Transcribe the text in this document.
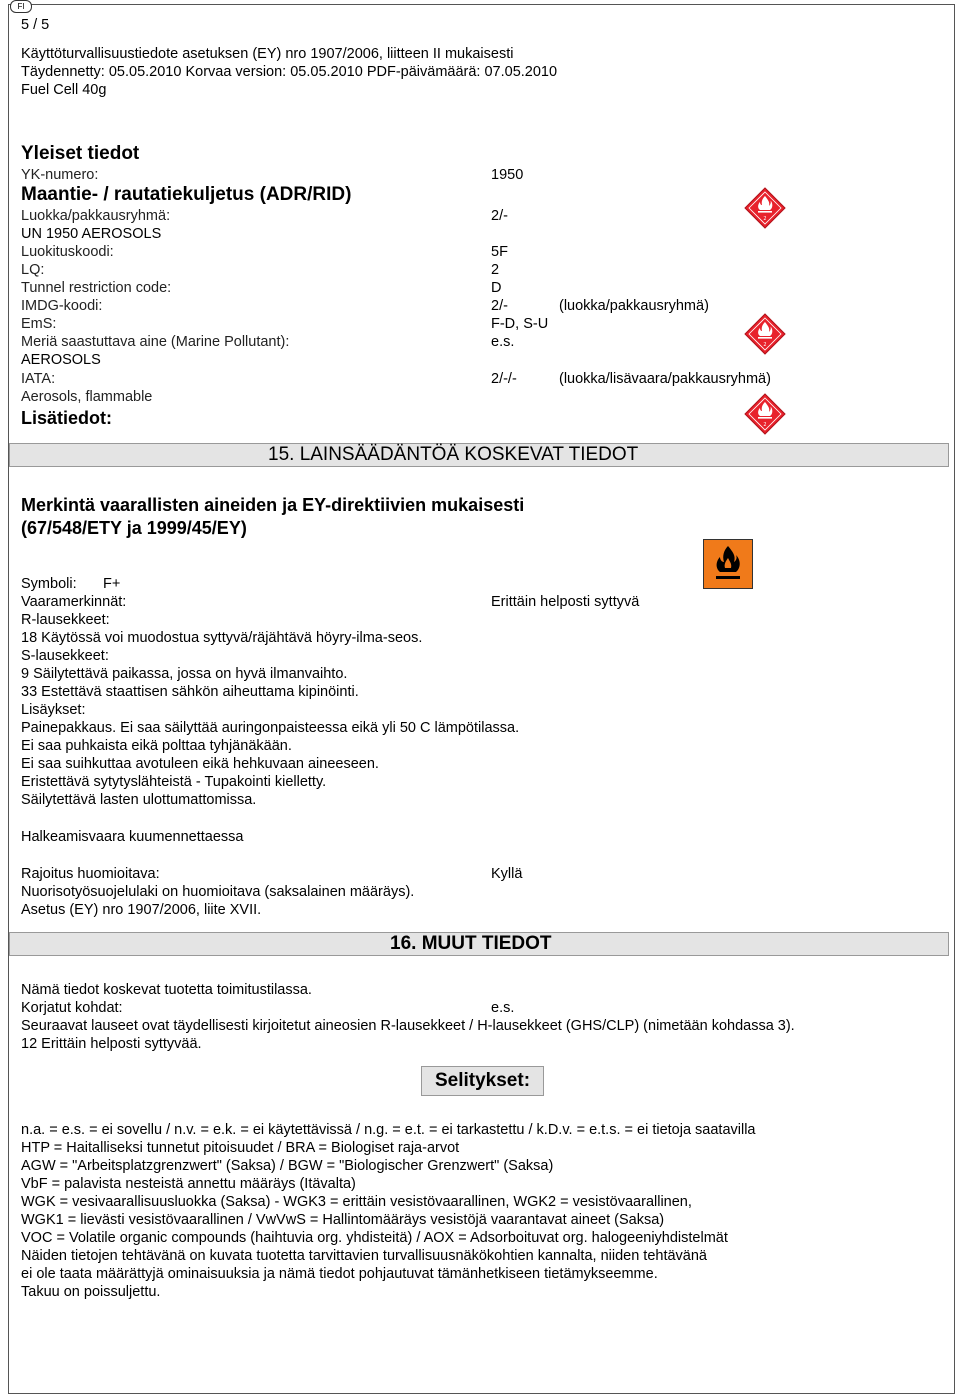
FI
5 / 5
Käyttöturvallisuustiedote asetuksen (EY) nro 1907/2006, liitteen II mukaisesti
Täydennetty: 05.05.2010 Korvaa version: 05.05.2010 PDF-päivämäärä: 07.05.2010
Fuel Cell 40g
Yleiset tiedot
YK-numero:	1950
Maantie- / rautatiekuljetus (ADR/RID)
Luokka/pakkausryhmä:	2/-
UN 1950 AEROSOLS
Luokituskoodi:	5F
LQ:	2
Tunnel restriction code:	D
IMDG-koodi:	2/-	(luokka/pakkausryhmä)
EmS:	F-D, S-U
Meriä saastuttava aine (Marine Pollutant):	e.s.
AEROSOLS
IATA:	2/-/-	(luokka/lisävaara/pakkausryhmä)
Aerosols, flammable
Lisätiedot:
2
2
2
15. LAINSÄÄDÄNTÖÄ KOSKEVAT TIEDOT
Merkintä vaarallisten aineiden ja EY-direktiivien mukaisesti
(67/548/ETY ja 1999/45/EY)
Symboli: F+
Vaaramerkinnät:	Erittäin helposti syttyvä
R-lausekkeet:
18 Käytössä voi muodostua syttyvä/räjähtävä höyry-ilma-seos.
S-lausekkeet:
9 Säilytettävä paikassa, jossa on hyvä ilmanvaihto.
33 Estettävä staattisen sähkön aiheuttama kipinöinti.
Lisäykset:
Painepakkaus. Ei saa säilyttää auringonpaisteessa eikä yli 50 C lämpötilassa.
Ei saa puhkaista eikä polttaa tyhjänäkään.
Ei saa suihkuttaa avotuleen eikä hehkuvaan aineeseen.
Eristettävä sytytyslähteistä - Tupakointi kielletty.
Säilytettävä lasten ulottumattomissa.
Halkeamisvaara kuumennettaessa
Rajoitus huomioitava:	Kyllä
Nuorisotyösuojelulaki on huomioitava (saksalainen määräys).
Asetus (EY) nro 1907/2006, liite XVII.
16. MUUT TIEDOT
Nämä tiedot koskevat tuotetta toimitustilassa.
Korjatut kohdat:	e.s.
Seuraavat lauseet ovat täydellisesti kirjoitetut aineosien R-lausekkeet / H-lausekkeet (GHS/CLP) (nimetään kohdassa 3).
12 Erittäin helposti syttyvää.
Selitykset:
n.a. = e.s. = ei sovellu / n.v. = e.k. = ei käytettävissä / n.g. = e.t. = ei tarkastettu / k.D.v. = e.t.s. = ei tietoja saatavilla
HTP = Haitalliseksi tunnetut pitoisuudet / BRA = Biologiset raja-arvot
AGW = "Arbeitsplatzgrenzwert" (Saksa) / BGW = "Biologischer Grenzwert" (Saksa)
VbF = palavista nesteistä annettu määräys (Itävalta)
WGK = vesivaarallisuusluokka (Saksa) - WGK3 = erittäin vesistövaarallinen, WGK2 = vesistövaarallinen,
WGK1 = lievästi vesistövaarallinen / VwVwS = Hallintomääräys vesistöjä vaarantavat aineet (Saksa)
VOC = Volatile organic compounds (haihtuvia org. yhdisteitä) / AOX = Adsorboituvat org. halogeeniyhdistelmät
Näiden tietojen tehtävänä on kuvata tuotetta tarvittavien turvallisuusnäkökohtien kannalta, niiden tehtävänä
ei ole taata määrättyjä ominaisuuksia ja nämä tiedot pohjautuvat tämänhetkiseen tietämykseemme.
Takuu on poissuljettu.
